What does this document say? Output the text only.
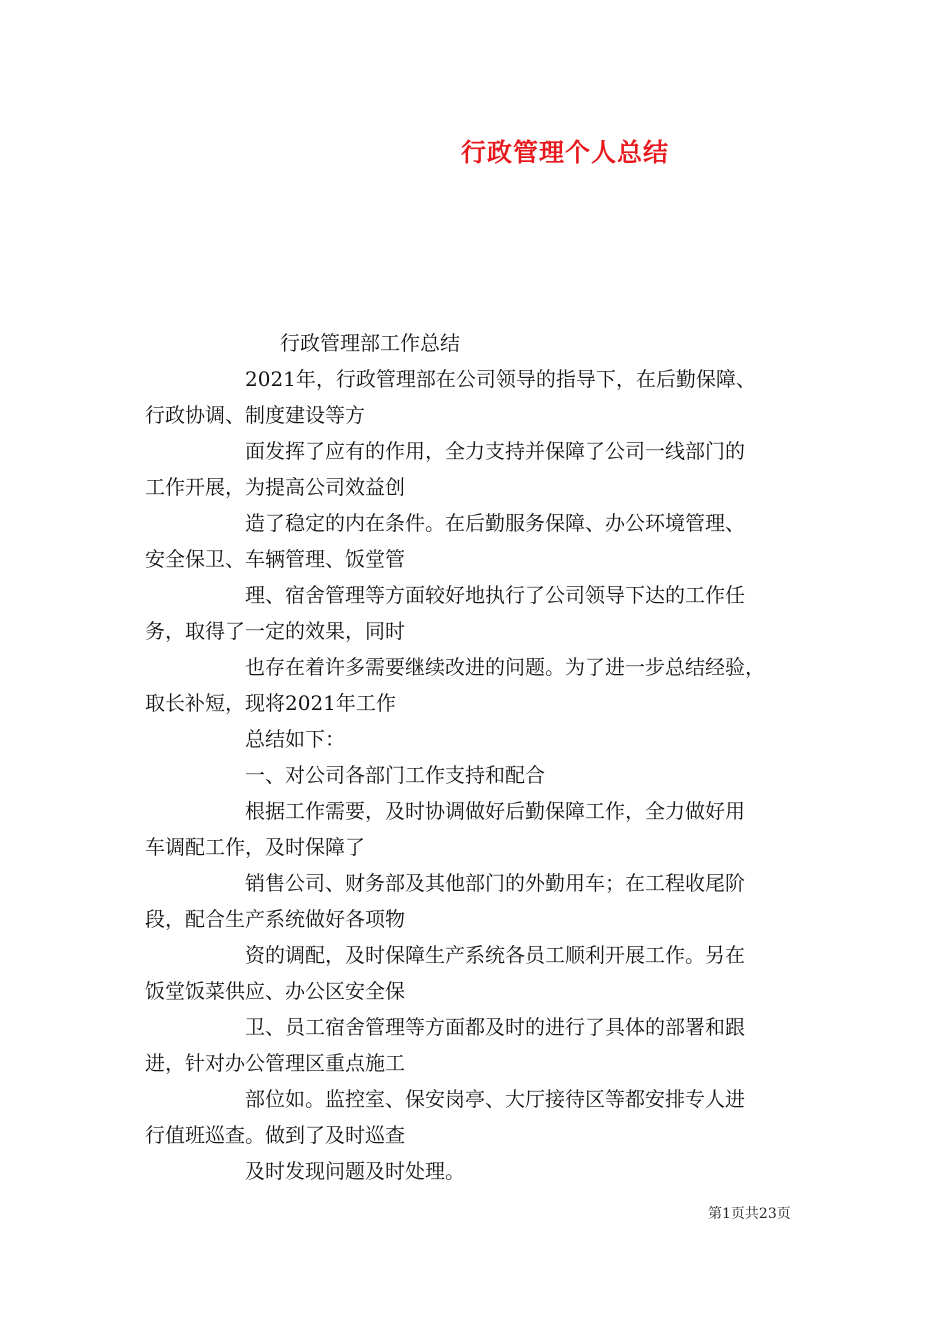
行政管理个人总结
行政管理部工作总结
2021年，行政管理部在公司领导的指导下，在后勤保障、
行政协调、制度建设等方
面发挥了应有的作用，全力支持并保障了公司一线部门的
工作开展，为提高公司效益创
造了稳定的内在条件。在后勤服务保障、办公环境管理、
安全保卫、车辆管理、饭堂管
理、宿舍管理等方面较好地执行了公司领导下达的工作任
务，取得了一定的效果，同时
也存在着许多需要继续改进的问题。为了进一步总结经验，
取长补短，现将2021年工作
总结如下：
一、对公司各部门工作支持和配合
根据工作需要，及时协调做好后勤保障工作，全力做好用
车调配工作，及时保障了
销售公司、财务部及其他部门的外勤用车；在工程收尾阶
段，配合生产系统做好各项物
资的调配，及时保障生产系统各员工顺利开展工作。另在
饭堂饭菜供应、办公区安全保
卫、员工宿舍管理等方面都及时的进行了具体的部署和跟
进，针对办公管理区重点施工
部位如。监控室、保安岗亭、大厅接待区等都安排专人进
行值班巡查。做到了及时巡查
及时发现问题及时处理。
第1页共23页
